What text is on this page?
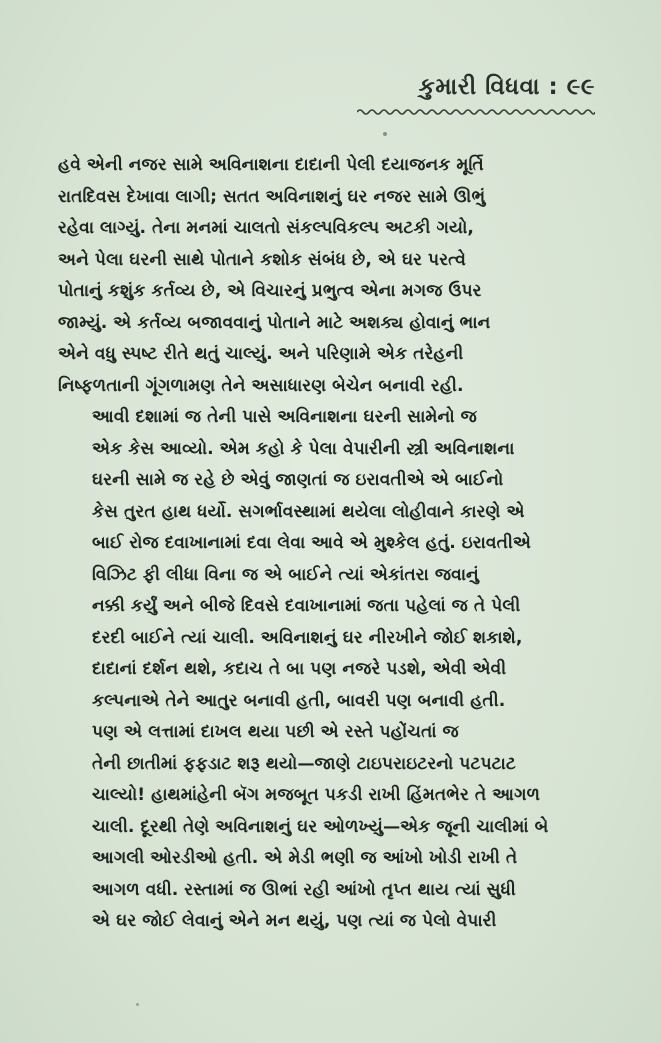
કુમારી વિધવા : ૯૯

હવે એની નજર સામે અવિનાશના દાદાની પેલી દયાજનક મૂર્તિ
રાતદિવસ દેખાવા લાગી; સતત અવિનાશનું ઘર નજર સામે ઊભું
રહેવા લાગ્યું. તેના મનમાં ચાલતો સંકલ્પવિકલ્પ અટકી ગયો,
અને પેલા ઘરની સાથે પોતાને કશોક સંબંધ છે, એ ઘર પરત્વે
પોતાનું કશુંક કર્તવ્ય છે, એ વિચારનું પ્રભુત્વ એના મગજ ઉપર
જામ્યું. એ કર્તવ્ય બજાવવાનું પોતાને માટે અશક્ય હોવાનું ભાન
એને વધુ સ્પષ્ટ રીતે થતું ચાલ્યું. અને પરિણામે એક તરેહની
નિષ્ફળતાની ગૂંગળામણ તેને અસાધારણ બેચેન બનાવી રહી.

આવી દશામાં જ તેની પાસે અવિનાશના ઘરની સામેનો જ
એક કેસ આવ્યો. એમ કહો કે પેલા વેપારીની સ્ત્રી અવિનાશના
ઘરની સામે જ રહે છે એવું જાણતાં જ ઇરાવતીએ એ બાઈનો
કેસ તુરત હાથ ધર્યો. સગર્ભાવસ્થામાં થયેલા લોહીવાને કારણે એ
બાઈ રોજ દવાખાનામાં દવા લેવા આવે એ મુશ્કેલ હતું. ઇરાવતીએ
વિઝિટ ફી લીધા વિના જ એ બાઈને ત્યાં એકાંતરા જવાનું
નક્કી કર્યું અને બીજે દિવસે દવાખાનામાં જતા પહેલાં જ તે પેલી
દરદી બાઈને ત્યાં ચાલી. અવિનાશનું ઘર નીરખીને જોઈ શકાશે,
દાદાનાં દર્શન થશે, કદાચ તે બા પણ નજરે પડશે, એવી એવી
કલ્પનાએ તેને આતુર બનાવી હતી, બાવરી પણ બનાવી હતી.

પણ એ લત્તામાં દાખલ થયા પછી એ રસ્તે પહોંચતાં જ
તેની છાતીમાં ફફડાટ શરૂ થયો—જાણે ટાઇપરાઇટરનો પટપટાટ
ચાલ્યો! હાથમાંહેની બૅગ મજબૂત પકડી રાખી હિંમતભેર તે આગળ
ચાલી. દૂરથી તેણે અવિનાશનું ઘર ઓળખ્યું—એક જૂની ચાલીમાં બે
આગલી ઓરડીઓ હતી. એ મેડી ભણી જ આંખો ખોડી રાખી તે
આગળ વધી. રસ્તામાં જ ઊભાં રહી આંખો તૃપ્ત થાય ત્યાં સુધી
એ ઘર જોઈ લેવાનું એને મન થયું, પણ ત્યાં જ પેલો વેપારી
